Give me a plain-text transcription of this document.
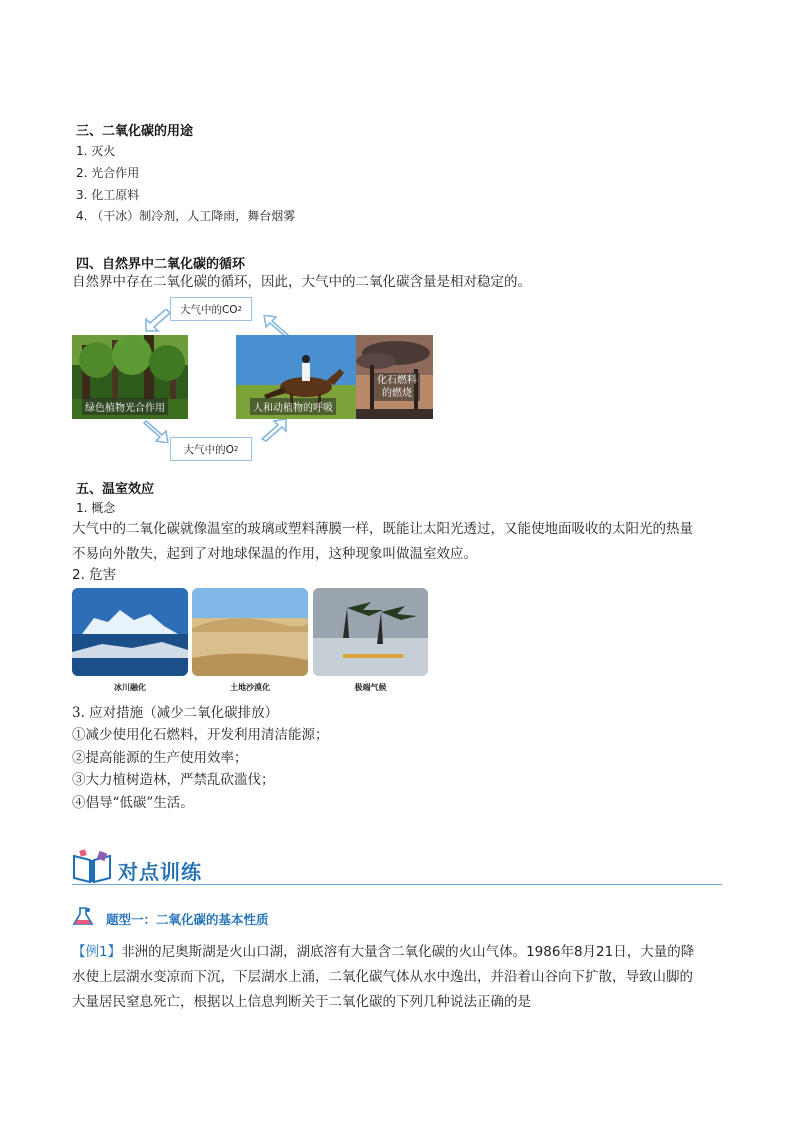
三、二氧化碳的用途
1. 灭火
2. 光合作用
3. 化工原料
4. （干冰）制冷剂，人工降雨，舞台烟雾
四、自然界中二氧化碳的循环
自然界中存在二氧化碳的循环，因此，大气中的二氧化碳含量是相对稳定的。
大气中的CO 2
大气中的O 2
绿色植物光合作用	人和动植物的呼吸
化石燃料
的燃烧
五、温室效应
1. 概念
大气中的二氧化碳就像温室的玻璃或塑料薄膜一样，既能让太阳光透过，又能使地面吸收的太阳光的热量
不易向外散失，起到了对地球保温的作用，这种现象叫做温室效应。
2. 危害
冰川融化	土地沙漠化	极端气候
3. 应对措施（减少二氧化碳排放）
①减少使用化石燃料，开发利用清洁能源；
②提高能源的生产使用效率；
③大力植树造林，严禁乱砍滥伐；
④倡导“低碳”生活。
对点训练
题型一：二氧化碳的基本性质
【例1】非洲的尼奥斯湖是火山口湖，湖底溶有大量含二氧化碳的火山气体。1986年8月21日，大量的降
水使上层湖水变凉而下沉，下层湖水上涌，二氧化碳气体从水中逸出，并沿着山谷向下扩散，导致山脚的
大量居民窒息死亡，根据以上信息判断关于二氧化碳的下列几种说法正确的是
